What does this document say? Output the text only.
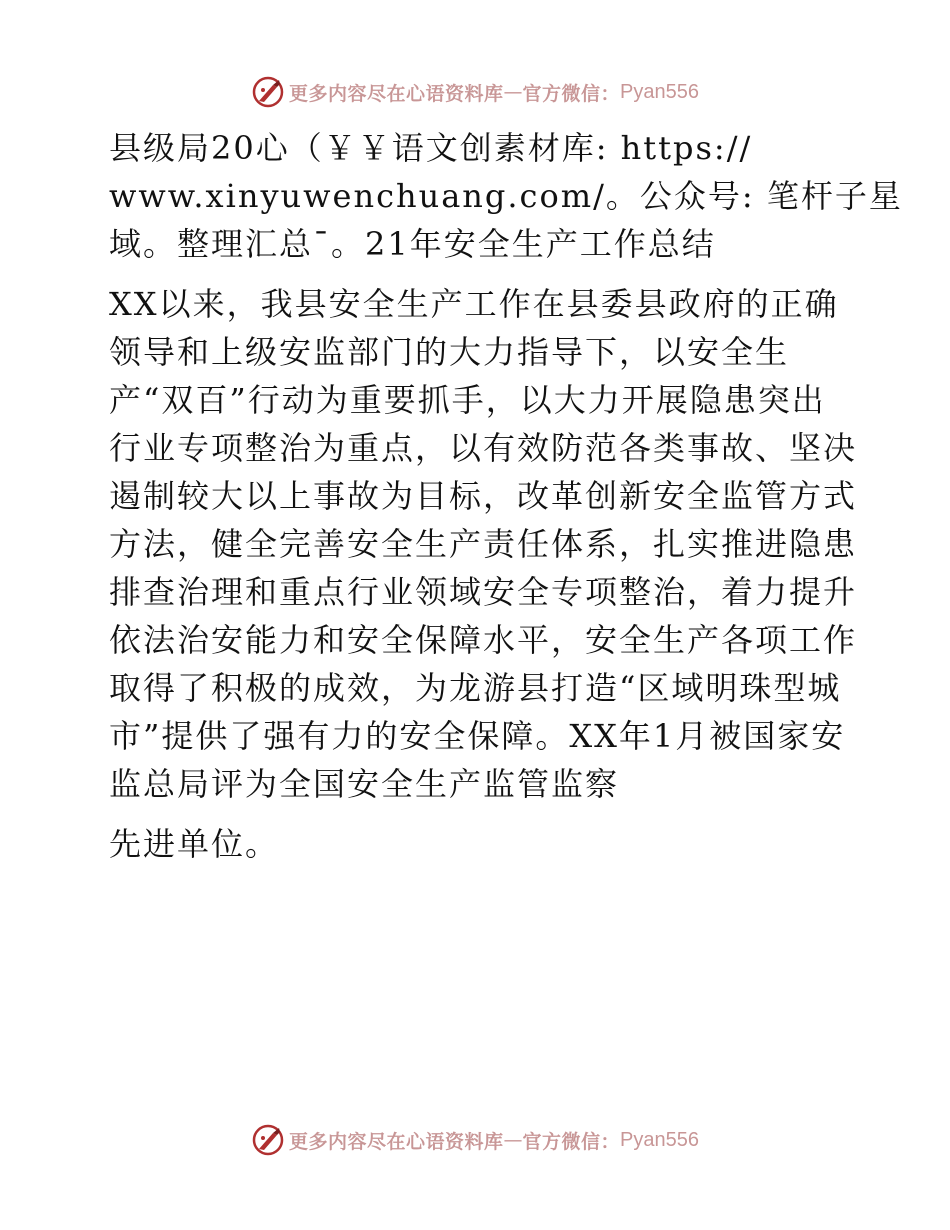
更多内容尽在心语资料库 — 官方微信： Pyan556

县级局20心（￥￥语文创素材库: https://
www.xinyuwenchuang.com/。公众号: 笔杆子星
域。整理汇总¯。21年安全生产工作总结

XX以来，我县安全生产工作在县委县政府的正确
领导和上级安监部门的大力指导下，以安全生
产“双百”行动为重要抓手，以大力开展隐患突出
行业专项整治为重点，以有效防范各类事故、坚决
遏制较大以上事故为目标，改革创新安全监管方式
方法，健全完善安全生产责任体系，扎实推进隐患
排查治理和重点行业领域安全专项整治，着力提升
依法治安能力和安全保障水平，安全生产各项工作
取得了积极的成效，为龙游县打造“区域明珠型城
市”提供了强有力的安全保障。XX年1月被国家安
监总局评为全国安全生产监管监察

先进单位。

更多内容尽在心语资料库 — 官方微信： Pyan556
